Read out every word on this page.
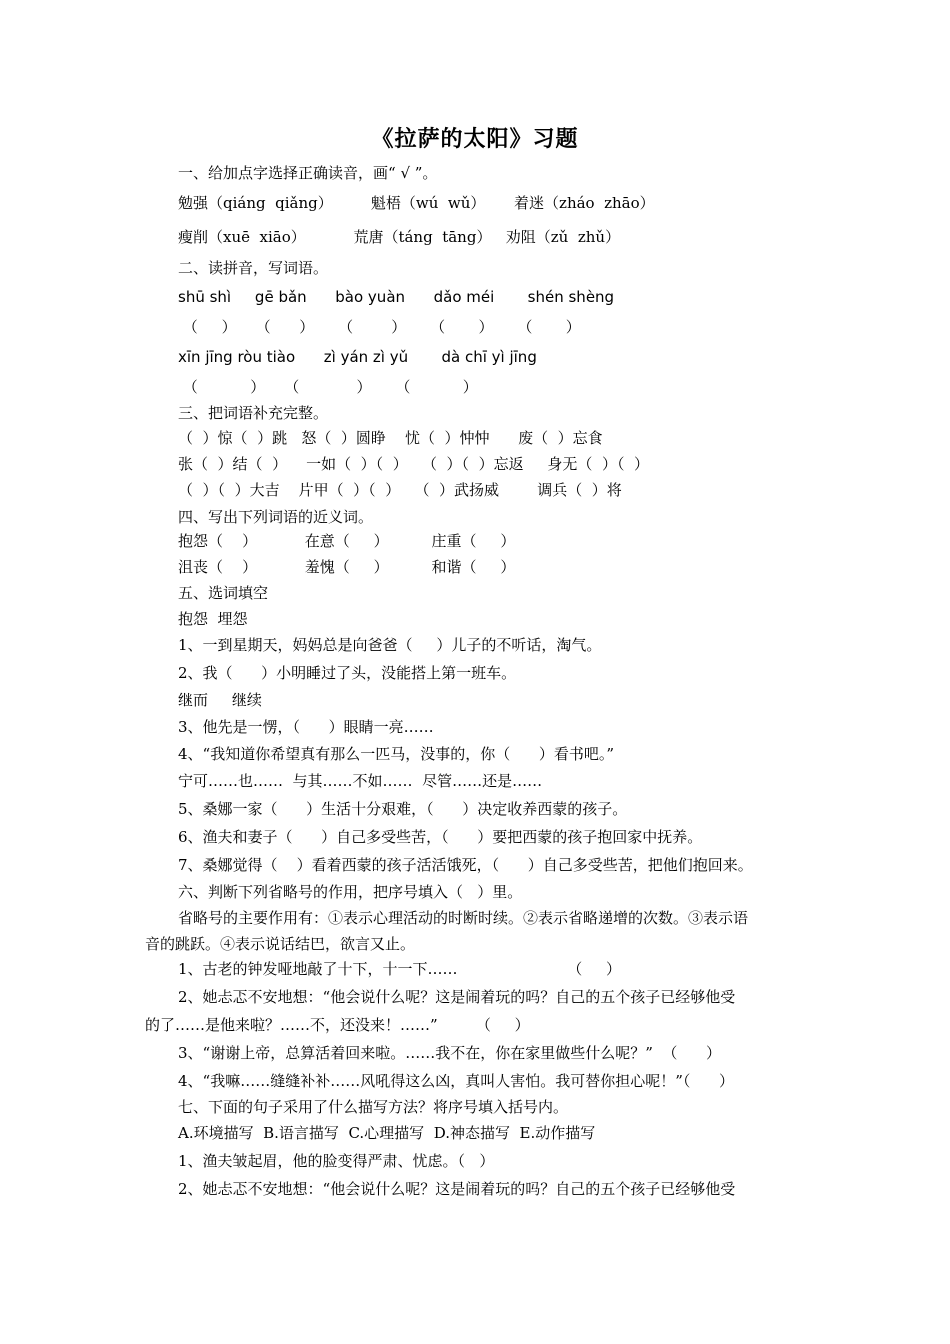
《拉萨的太阳》习题
一、给加点字选择正确读音，画“ √ ”。
勉强（qiáng  qiǎng）        魁梧（wú  wǔ）      着迷（zháo  zhāo）
瘦削（xuē  xiāo）          荒唐（táng  tāng）   劝阻（zǔ  zhǔ）
二、读拼音，写词语。
shū shì     gē bǎn      bào yuàn      dǎo méi       shén shèng
（     ）    （      ）     （        ）     （       ）     （       ）
xīn jīng ròu tiào      zì yán zì yǔ       dà chī yì jīng
（           ）    （            ）     （           ）
三、把词语补充完整。
（  ）惊（  ）跳   怒（  ）圆睁    忧（  ）忡忡      废（  ）忘食
张（  ）结（  ）    一如（  ）（  ）   （  ）（  ）忘返     身无（  ）（  ）
（  ）（  ）大吉    片甲（  ）（  ）   （  ）武扬威        调兵（  ）将
四、写出下列词语的近义词。
抱怨（    ）          在意（     ）         庄重（     ）
沮丧（    ）          羞愧（     ）         和谐（     ）
五、选词填空
抱怨  埋怨
1、一到星期天，妈妈总是向爸爸（     ）儿子的不听话，淘气。
2、我（      ）小明睡过了头，没能搭上第一班车。
继而     继续
3、他先是一愣，（      ）眼睛一亮……
4、“我知道你希望真有那么一匹马，没事的，你（      ）看书吧。”
宁可……也……  与其……不如……  尽管……还是……
5、桑娜一家（      ）生活十分艰难，（      ）决定收养西蒙的孩子。
6、渔夫和妻子（      ）自己多受些苦，（      ）要把西蒙的孩子抱回家中抚养。
7、桑娜觉得（    ）看着西蒙的孩子活活饿死，（      ）自己多受些苦，把他们抱回来。
六、判断下列省略号的作用，把序号填入（   ）里。
省略号的主要作用有：①表示心理活动的时断时续。②表示省略递增的次数。③表示语
音的跳跃。④表示说话结巴，欲言又止。
1、古老的钟发哑地敲了十下，十一下……                       （     ）
2、她忐忑不安地想：“他会说什么呢？这是闹着玩的吗？自己的五个孩子已经够他受
的了……是他来啦？……不，还没来！……”        （     ）
3、“谢谢上帝，总算活着回来啦。……我不在，你在家里做些什么呢？”  （      ）
4、“我嘛……缝缝补补……风吼得这么凶，真叫人害怕。我可替你担心呢！”（      ）
七、下面的句子采用了什么描写方法？将序号填入括号内。
A.环境描写  B.语言描写  C.心理描写  D.神态描写  E.动作描写
1、渔夫皱起眉，他的脸变得严肃、忧虑。（   ）
2、她忐忑不安地想：“他会说什么呢？这是闹着玩的吗？自己的五个孩子已经够他受
